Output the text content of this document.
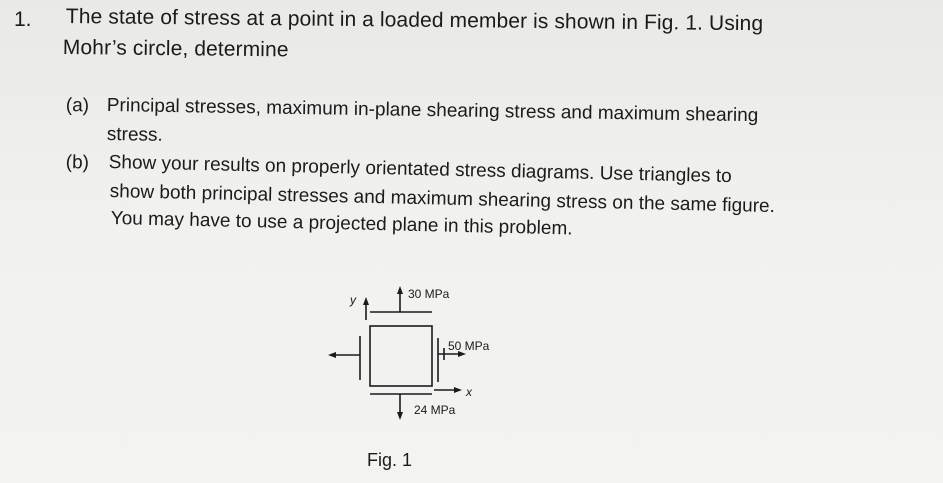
1. The state of stress at a point in a loaded member is shown in Fig. 1. Using
Mohr’s circle, determine
(a) Principal stresses, maximum in-plane shearing stress and maximum shearing
stress.
(b) Show your results on properly orientated stress diagrams. Use triangles to
show both principal stresses and maximum shearing stress on the same figure.
You may have to use a projected plane in this problem.
y	30 MPa
50 MPa
x
24 MPa
Fig. 1
